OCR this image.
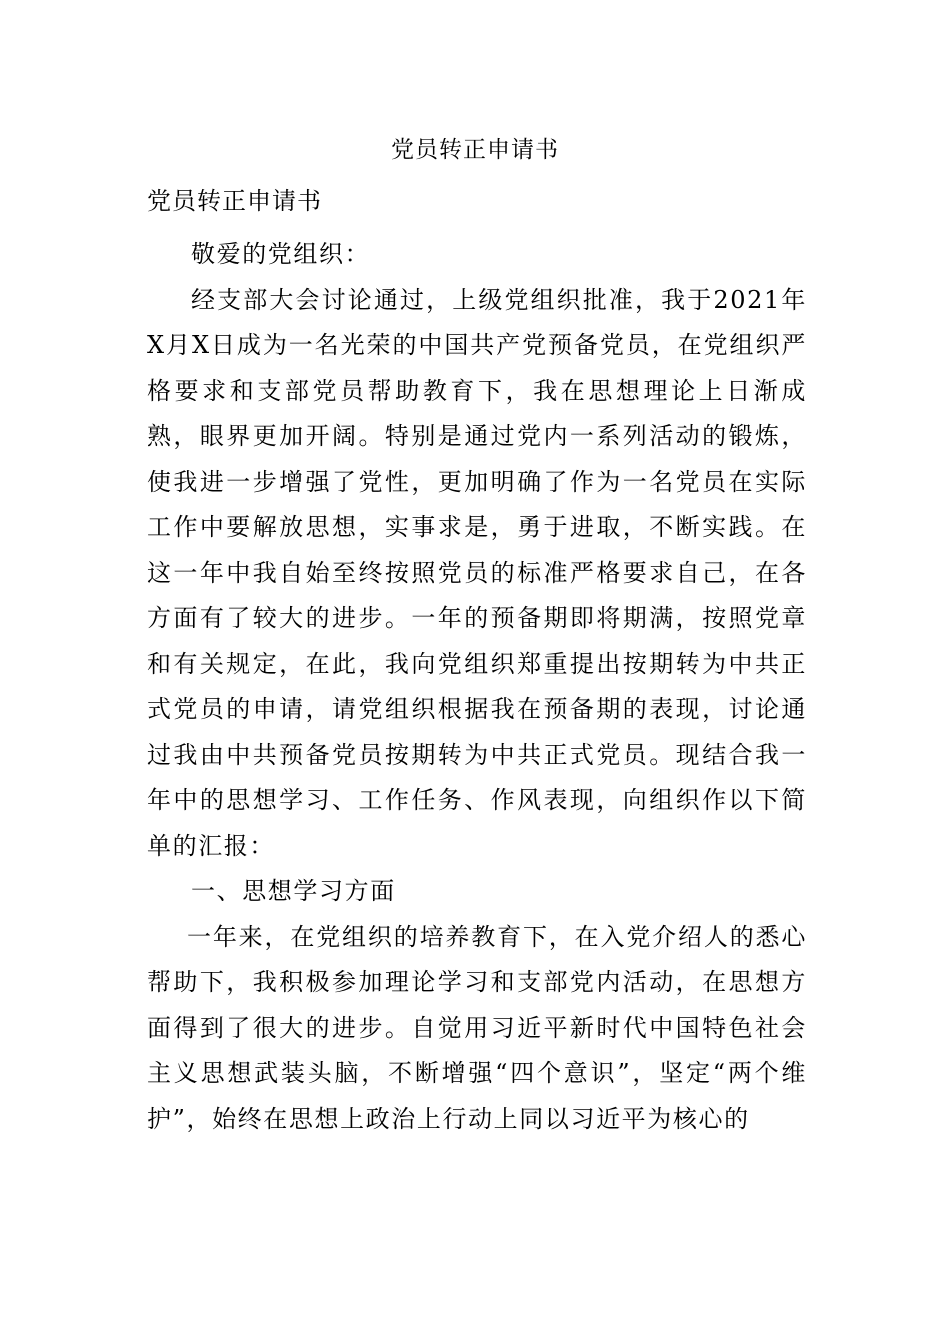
党员转正申请书
党员转正申请书

敬爱的党组织：

经支部大会讨论通过，上级党组织批准，我于2021年X月X日成为一名光荣的中国共产党预备党员，在党组织严格要求和支部党员帮助教育下，我在思想理论上日渐成熟，眼界更加开阔。特别是通过党内一系列活动的锻炼，使我进一步增强了党性，更加明确了作为一名党员在实际工作中要解放思想，实事求是，勇于进取，不断实践。在这一年中我自始至终按照党员的标准严格要求自己，在各方面有了较大的进步。一年的预备期即将期满，按照党章和有关规定，在此，我向党组织郑重提出按期转为中共正式党员的申请，请党组织根据我在预备期的表现，讨论通过我由中共预备党员按期转为中共正式党员。现结合我一年中的思想学习、工作任务、作风表现，向组织作以下简单的汇报：

一、思想学习方面

一年来，在党组织的培养教育下，在入党介绍人的悉心帮助下，我积极参加理论学习和支部党内活动，在思想方面得到了很大的进步。自觉用习近平新时代中国特色社会主义思想武装头脑，不断增强“四个意识”，坚定“两个维护”，始终在思想上政治上行动上同以习近平为核心的
